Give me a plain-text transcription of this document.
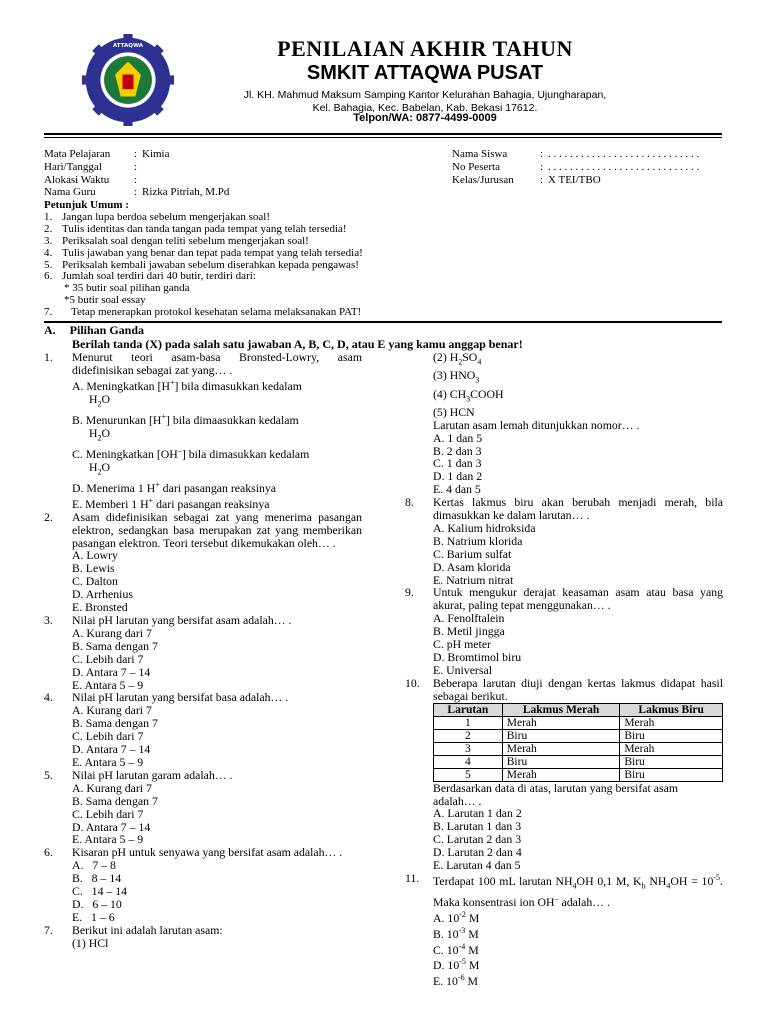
ATTAQWA	PENILAIAN AKHIR TAHUN
SMKIT ATTAQWA PUSAT
Jl. KH. Mahmud Maksum Samping Kantor Kelurahan Bahagia, Ujungharapan,
Kel. Bahagia, Kec. Babelan, Kab. Bekasi 17612.
Telpon/WA: 0877-4499-0009
Mata Pelajaran : Kimia
Hari/Tanggal	:
Alokasi Waktu :
Nama Guru	: Rizka Pitriah, M.Pd
Nama Siswa	: . . . . . . . . . . . . . . . . . . . . . . . . . . . .
No Peserta	: . . . . . . . . . . . . . . . . . . . . . . . . . . . .
Kelas/Jurusan : X TEI/TBO
Petunjuk Umum :
1. Jangan lupa berdoa sebelum mengerjakan soal!
2. Tulis identitas dan tanda tangan pada tempat yang telah tersedia!
3. Periksalah soal dengan teliti sebelum mengerjakan soal!
4. Tulis jawaban yang benar dan tepat pada tempat yang telah tersedia!
5. Periksalah kembali jawaban sebelum diserahkan kepada pengawas!
6. Jumlah soal terdiri dari 40 butir, terdiri dari:
* 35 butir soal pilihan ganda
*5 butir soal essay
7. Tetap menerapkan protokol kesehatan selama melaksanakan PAT!
A. Pilihan Ganda
Berilah tanda (X) pada salah satu jawaban A, B, C, D, atau E yang kamu anggap benar!
1. Menurut teori asam-basa Bronsted-Lowry, asam didefinisikan sebagai zat yang… .
A. Meningkatkan [H+] bila dimasukkan kedalam
$H_2O$
B. Menurunkan [H+] bila dimaasukkan kedalam
$H_2O$
C. Meningkatkan [OH–] bila dimasukkan kedalam
$H_2O$
D. Menerima 1 H+ dari pasangan reaksinya
E. Memberi 1 H+ dari pasangan reaksinya
2. Asam didefinisikan sebagai zat yang menerima pasangan elektron, sedangkan basa merupakan zat yang memberikan pasangan elektron. Teori tersebut dikemukakan oleh… .
A. Lowry
B. Lewis
C. Dalton
D. Arrhenius
E. Bronsted
3. Nilai pH larutan yang bersifat asam adalah… .
A. Kurang dari 7
B. Sama dengan 7
C. Lebih dari 7
D. Antara 7 – 14
E. Antara 5 – 9
4. Nilai pH larutan yang bersifat basa adalah… .
A. Kurang dari 7
B. Sama dengan 7
C. Lebih dari 7
D. Antara 7 – 14
E. Antara 5 – 9
5. Nilai pH larutan garam adalah… .
A. Kurang dari 7
B. Sama dengan 7
C. Lebih dari 7
D. Antara 7 – 14
E. Antara 5 – 9
6. Kisaran pH untuk senyawa yang bersifat asam adalah… .
A.   7 – 8
B.   8 – 14
C.   14 – 14
D.   6 – 10
E.   1 – 6
7. Berikut ini adalah larutan asam:
(1) HCl
(2) $H_2SO_4$
(3) $HNO_3$
(4) $CH_3COOH$
(5) HCN
Larutan asam lemah ditunjukkan nomor… .
A. 1 dan 5
B. 2 dan 3
C. 1 dan 3
D. 1 dan 2
E. 4 dan 5
8. Kertas lakmus biru akan berubah menjadi merah, bila dimasukkan ke dalam larutan… .
A. Kalium hidroksida
B. Natrium klorida
C. Barium sulfat
D. Asam klorida
E. Natrium nitrat
9. Untuk mengukur derajat keasaman asam atau basa yang akurat, paling tepat menggunakan… .
A. Fenolftalein
B. Metil jingga
C. pH meter
D. Bromtimol biru
E. Universal
10. Beberapa larutan diuji dengan kertas lakmus didapat hasil sebagai berikut.
Larutan	Lakmus Merah	Lakmus Biru
1	Merah	Merah
2	Biru	Biru
3	Merah	Merah
4	Biru	Biru
5	Merah	Biru
Berdasarkan data di atas, larutan yang bersifat asam adalah… .
A. Larutan 1 dan 2
B. Larutan 1 dan 3
C. Larutan 2 dan 3
D. Larutan 2 dan 4
E. Larutan 4 dan 5
11. Terdapat 100 mL larutan $NH_4OH$ 0,1 M, $K_b$ $NH_4OH = 10^{-5}$. Maka konsentrasi ion OH– adalah… .
A. $10^{-2}$ M
B. $10^{-3}$ M
C. $10^{-4}$ M
D. $10^{-5}$ M
E. $10^{-6}$ M
